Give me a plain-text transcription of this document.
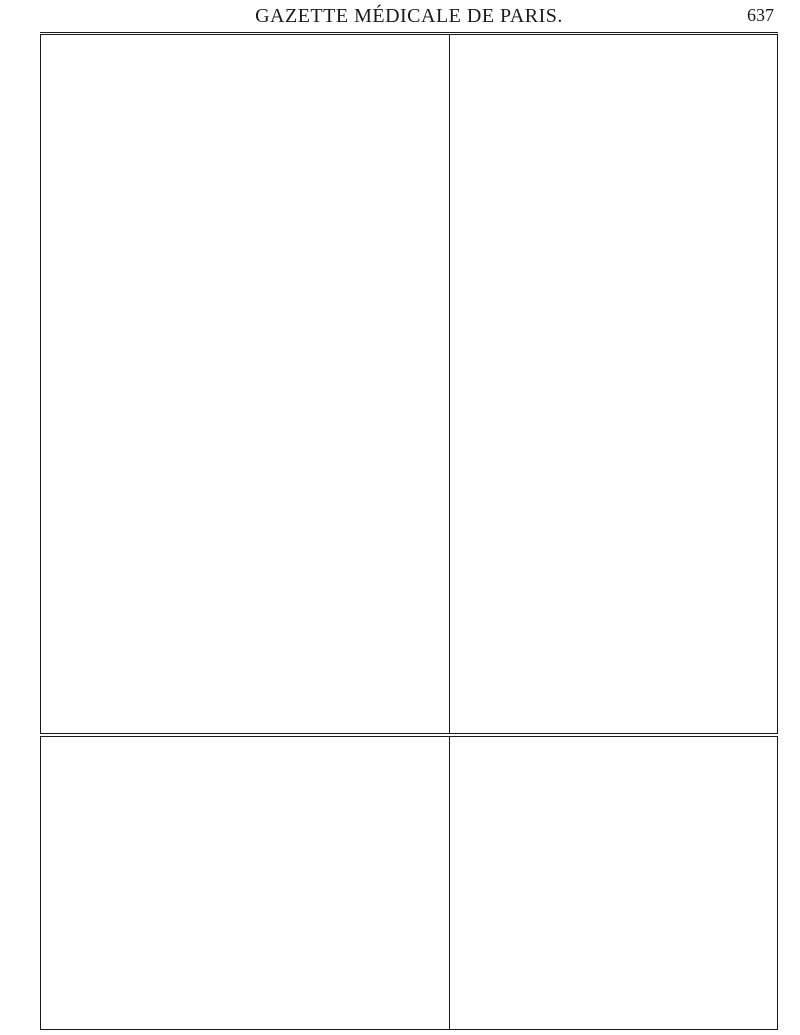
GAZETTE MÉDICALE DE PARIS.	637
